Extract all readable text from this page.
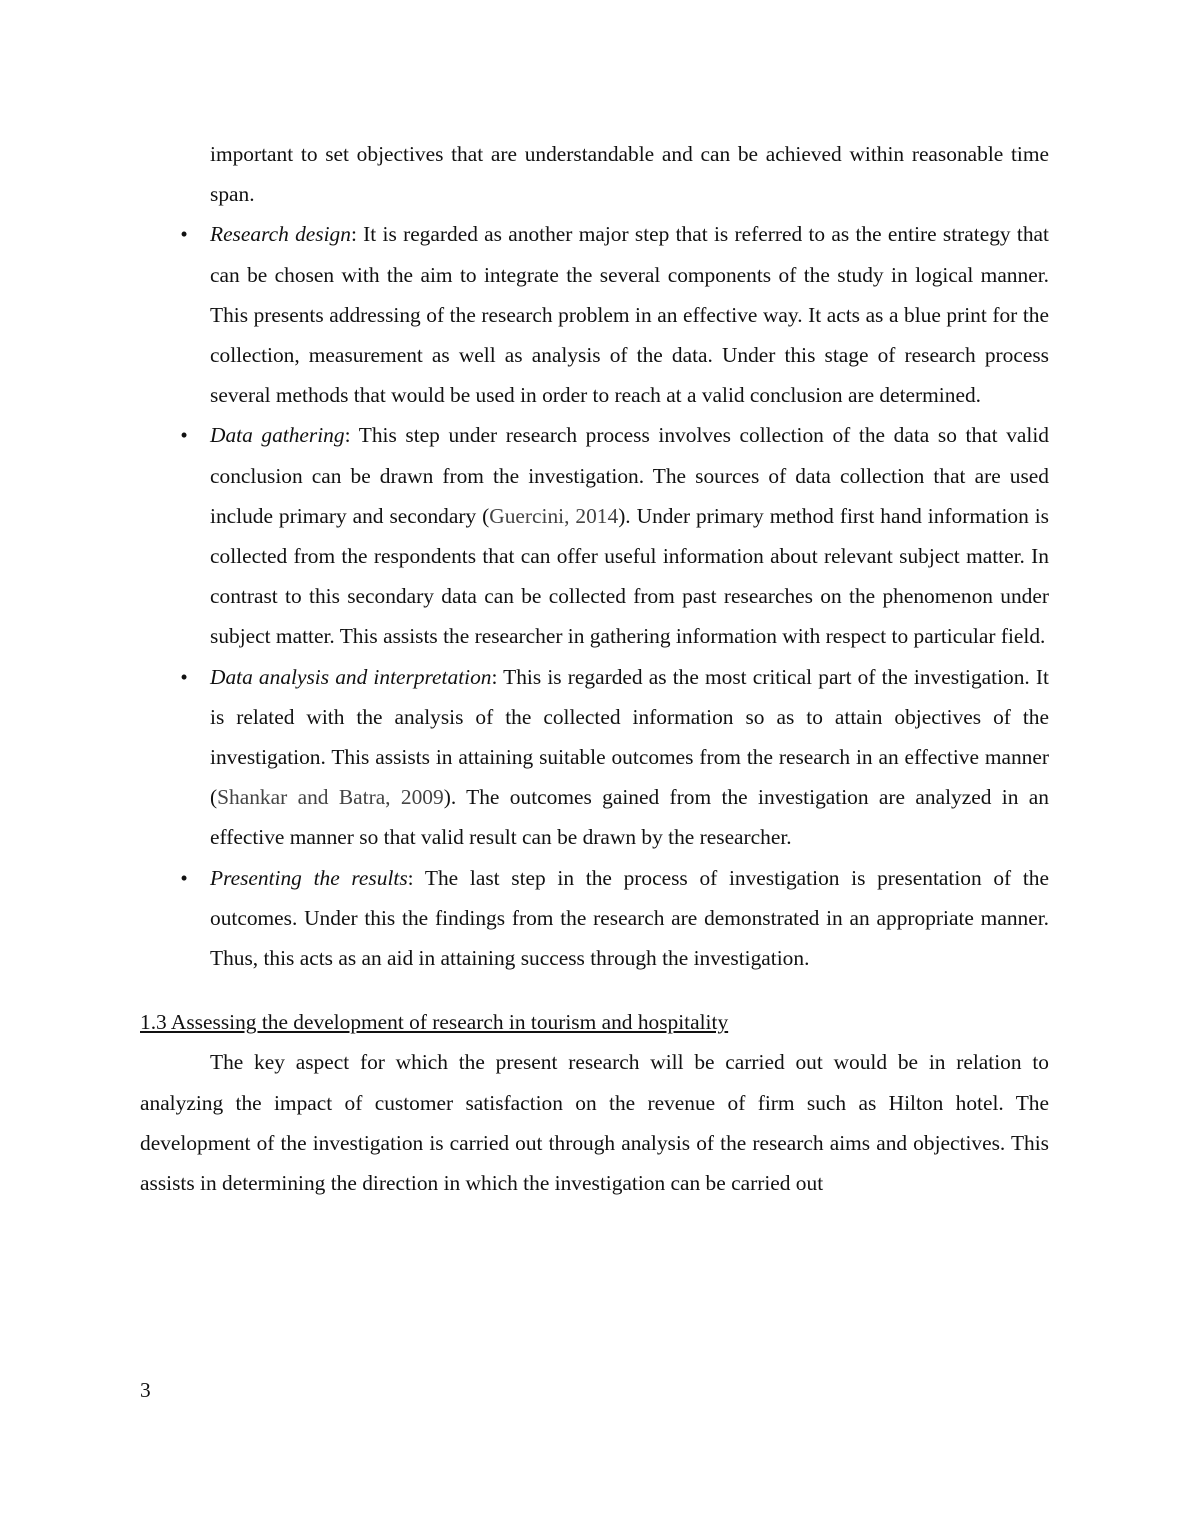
important to set objectives that are understandable and can be achieved within reasonable time span.

• Research design: It is regarded as another major step that is referred to as the entire strategy that can be chosen with the aim to integrate the several components of the study in logical manner. This presents addressing of the research problem in an effective way. It acts as a blue print for the collection, measurement as well as analysis of the data. Under this stage of research process several methods that would be used in order to reach at a valid conclusion are determined.
• Data gathering: This step under research process involves collection of the data so that valid conclusion can be drawn from the investigation. The sources of data collection that are used include primary and secondary (Guercini, 2014). Under primary method first hand information is collected from the respondents that can offer useful information about relevant subject matter. In contrast to this secondary data can be collected from past researches on the phenomenon under subject matter. This assists the researcher in gathering information with respect to particular field.
• Data analysis and interpretation: This is regarded as the most critical part of the investigation. It is related with the analysis of the collected information so as to attain objectives of the investigation. This assists in attaining suitable outcomes from the research in an effective manner (Shankar and Batra, 2009). The outcomes gained from the investigation are analyzed in an effective manner so that valid result can be drawn by the researcher.
• Presenting the results: The last step in the process of investigation is presentation of the outcomes. Under this the findings from the research are demonstrated in an appropriate manner. Thus, this acts as an aid in attaining success through the investigation.

1.3 Assessing the development of research in tourism and hospitality

The key aspect for which the present research will be carried out would be in relation to analyzing the impact of customer satisfaction on the revenue of firm such as Hilton hotel. The development of the investigation is carried out through analysis of the research aims and objectives. This assists in determining the direction in which the investigation can be carried out

3
